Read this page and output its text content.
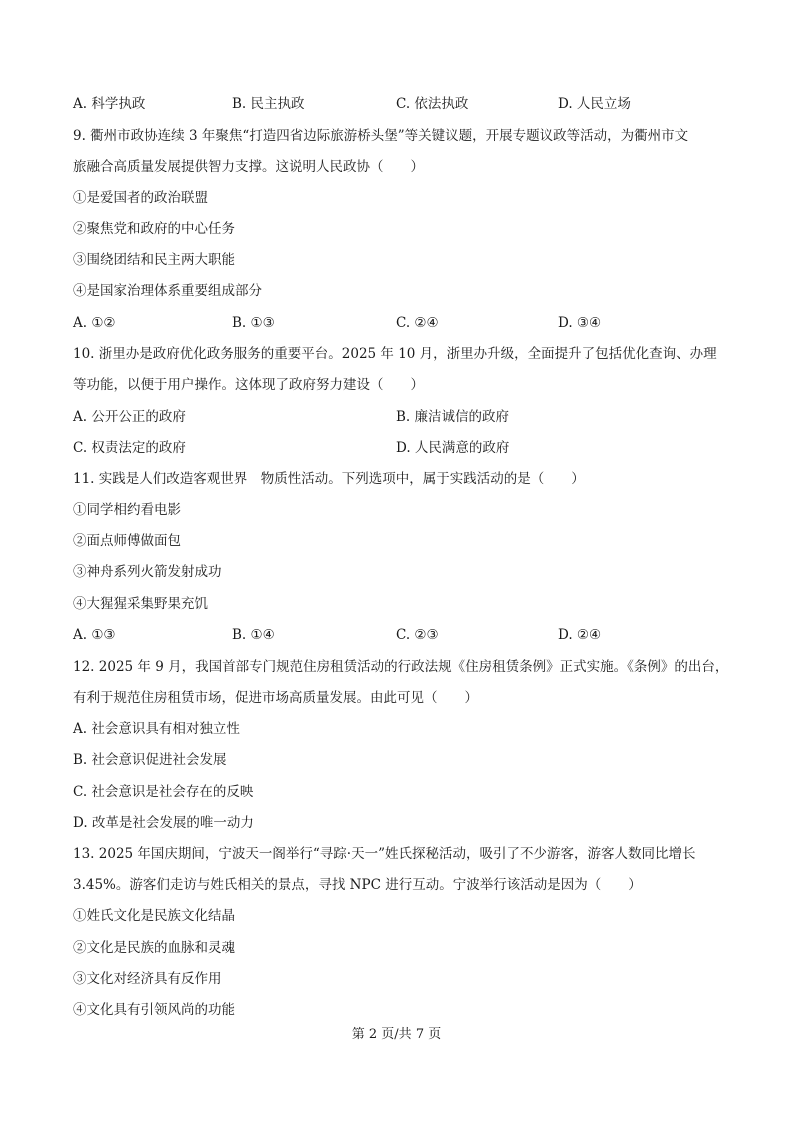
A. 科学执政	B. 民主执政	C. 依法执政	D. 人民立场
9. 衢州市政协连续 3 年聚焦“打造四省边际旅游桥头堡”等关键议题，开展专题议政等活动，为衢州市文
旅融合高质量发展提供智力支撑。这说明人民政协（　　）
①是爱国者的政治联盟
②聚焦党和政府的中心任务
③围绕团结和民主两大职能
④是国家治理体系重要组成部分
A. ①②	B. ①③	C. ②④	D. ③④
10. 浙里办是政府优化政务服务的重要平台。2025 年 10 月，浙里办升级，全面提升了包括优化查询、办理
等功能，以便于用户操作。这体现了政府努力建设（　　）
A. 公开公正的政府	B. 廉洁诚信的政府
C. 权责法定的政府	D. 人民满意的政府
11. 实践是人们改造客观世界　物质性活动。下列选项中，属于实践活动的是（　　）
①同学相约看电影
②面点师傅做面包
③神舟系列火箭发射成功
④大猩猩采集野果充饥
A. ①③	B. ①④	C. ②③	D. ②④
12. 2025 年 9 月，我国首部专门规范住房租赁活动的行政法规《住房租赁条例》正式实施。《条例》的出台，
有利于规范住房租赁市场，促进市场高质量发展。由此可见（　　）
A. 社会意识具有相对独立性
B. 社会意识促进社会发展
C. 社会意识是社会存在的反映
D. 改革是社会发展的唯一动力
13. 2025 年国庆期间，宁波天一阁举行“寻踪·天一”姓氏探秘活动，吸引了不少游客，游客人数同比增长
3.45%。游客们走访与姓氏相关的景点，寻找 NPC 进行互动。宁波举行该活动是因为（　　）
①姓氏文化是民族文化结晶
②文化是民族的血脉和灵魂
③文化对经济具有反作用
④文化具有引领风尚的功能
第 2 页/共 7 页
